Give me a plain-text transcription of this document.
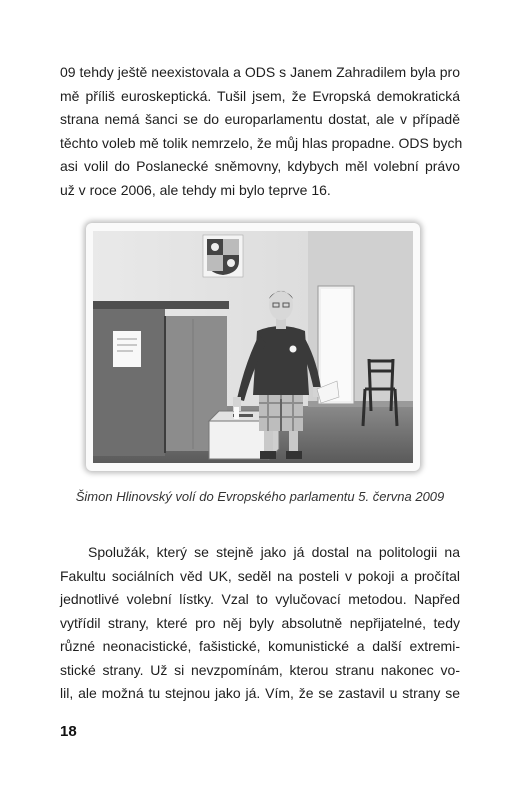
09 tehdy ještě neexistovala a ODS s Janem Zahradilem byla pro
mě příliš euroskeptická. Tušil jsem, že Evropská demokratická
strana nemá šanci se do europarlamentu dostat, ale v případě
těchto voleb mě tolik nemrzelo, že můj hlas propadne. ODS bych
asi volil do Poslanecké sněmovny, kdybych měl volební právo
už v roce 2006, ale tehdy mi bylo teprve 16.

Šimon Hlinovský volí do Evropského parlamentu 5. června 2009

Spolužák, který se stejně jako já dostal na politologii na
Fakultu sociálních věd UK, seděl na posteli v pokoji a pročítal
jednotlivé volební lístky. Vzal to vylučovací metodou. Napřed
vytřídil strany, které pro něj byly absolutně nepřijatelné, tedy
různé neonacistické, fašistické, komunistické a další extremi-
stické strany. Už si nevzpomínám, kterou stranu nakonec vo-
lil, ale možná tu stejnou jako já. Vím, že se zastavil u strany se

18
